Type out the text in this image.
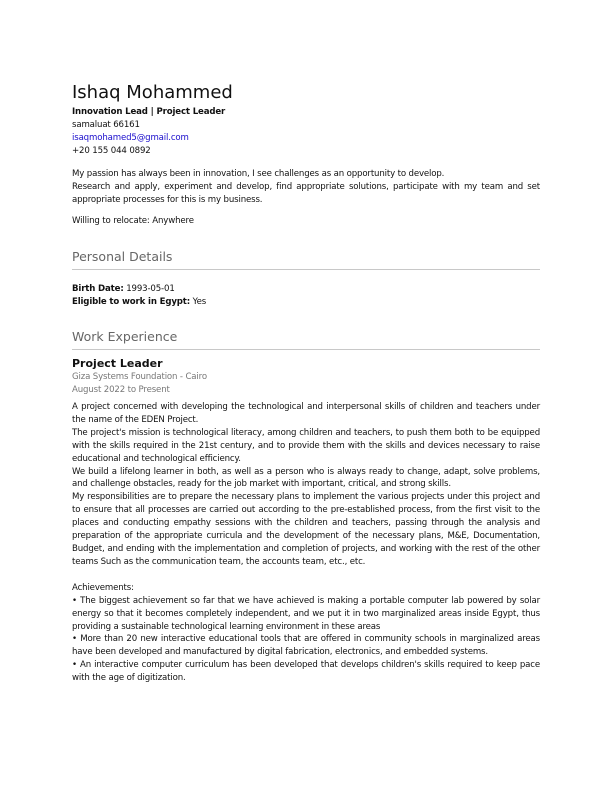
Ishaq Mohammed
Innovation Lead | Project Leader
samaluat 66161
isaqmohamed5@gmail.com
+20 155 044 0892
My passion has always been in innovation, I see challenges as an opportunity to develop.
Research and apply, experiment and develop, find appropriate solutions, participate with my team and set appropriate processes for this is my business.
Willing to relocate: Anywhere
Personal Details
Birth Date: 1993-05-01
Eligible to work in Egypt: Yes
Work Experience
Project Leader
Giza Systems Foundation - Cairo
August 2022 to Present
A project concerned with developing the technological and interpersonal skills of children and teachers under the name of the EDEN Project.
The project's mission is technological literacy, among children and teachers, to push them both to be equipped with the skills required in the 21st century, and to provide them with the skills and devices necessary to raise educational and technological efficiency.
We build a lifelong learner in both, as well as a person who is always ready to change, adapt, solve problems, and challenge obstacles, ready for the job market with important, critical, and strong skills.
My responsibilities are to prepare the necessary plans to implement the various projects under this project and to ensure that all processes are carried out according to the pre-established process, from the first visit to the places and conducting empathy sessions with the children and teachers, passing through the analysis and preparation of the appropriate curricula and the development of the necessary plans, M&E, Documentation, Budget, and ending with the implementation and completion of projects, and working with the rest of the other teams Such as the communication team, the accounts team, etc., etc.
Achievements:
• The biggest achievement so far that we have achieved is making a portable computer lab powered by solar energy so that it becomes completely independent, and we put it in two marginalized areas inside Egypt, thus providing a sustainable technological learning environment in these areas
• More than 20 new interactive educational tools that are offered in community schools in marginalized areas have been developed and manufactured by digital fabrication, electronics, and embedded systems.
• An interactive computer curriculum has been developed that develops children's skills required to keep pace with the age of digitization.
